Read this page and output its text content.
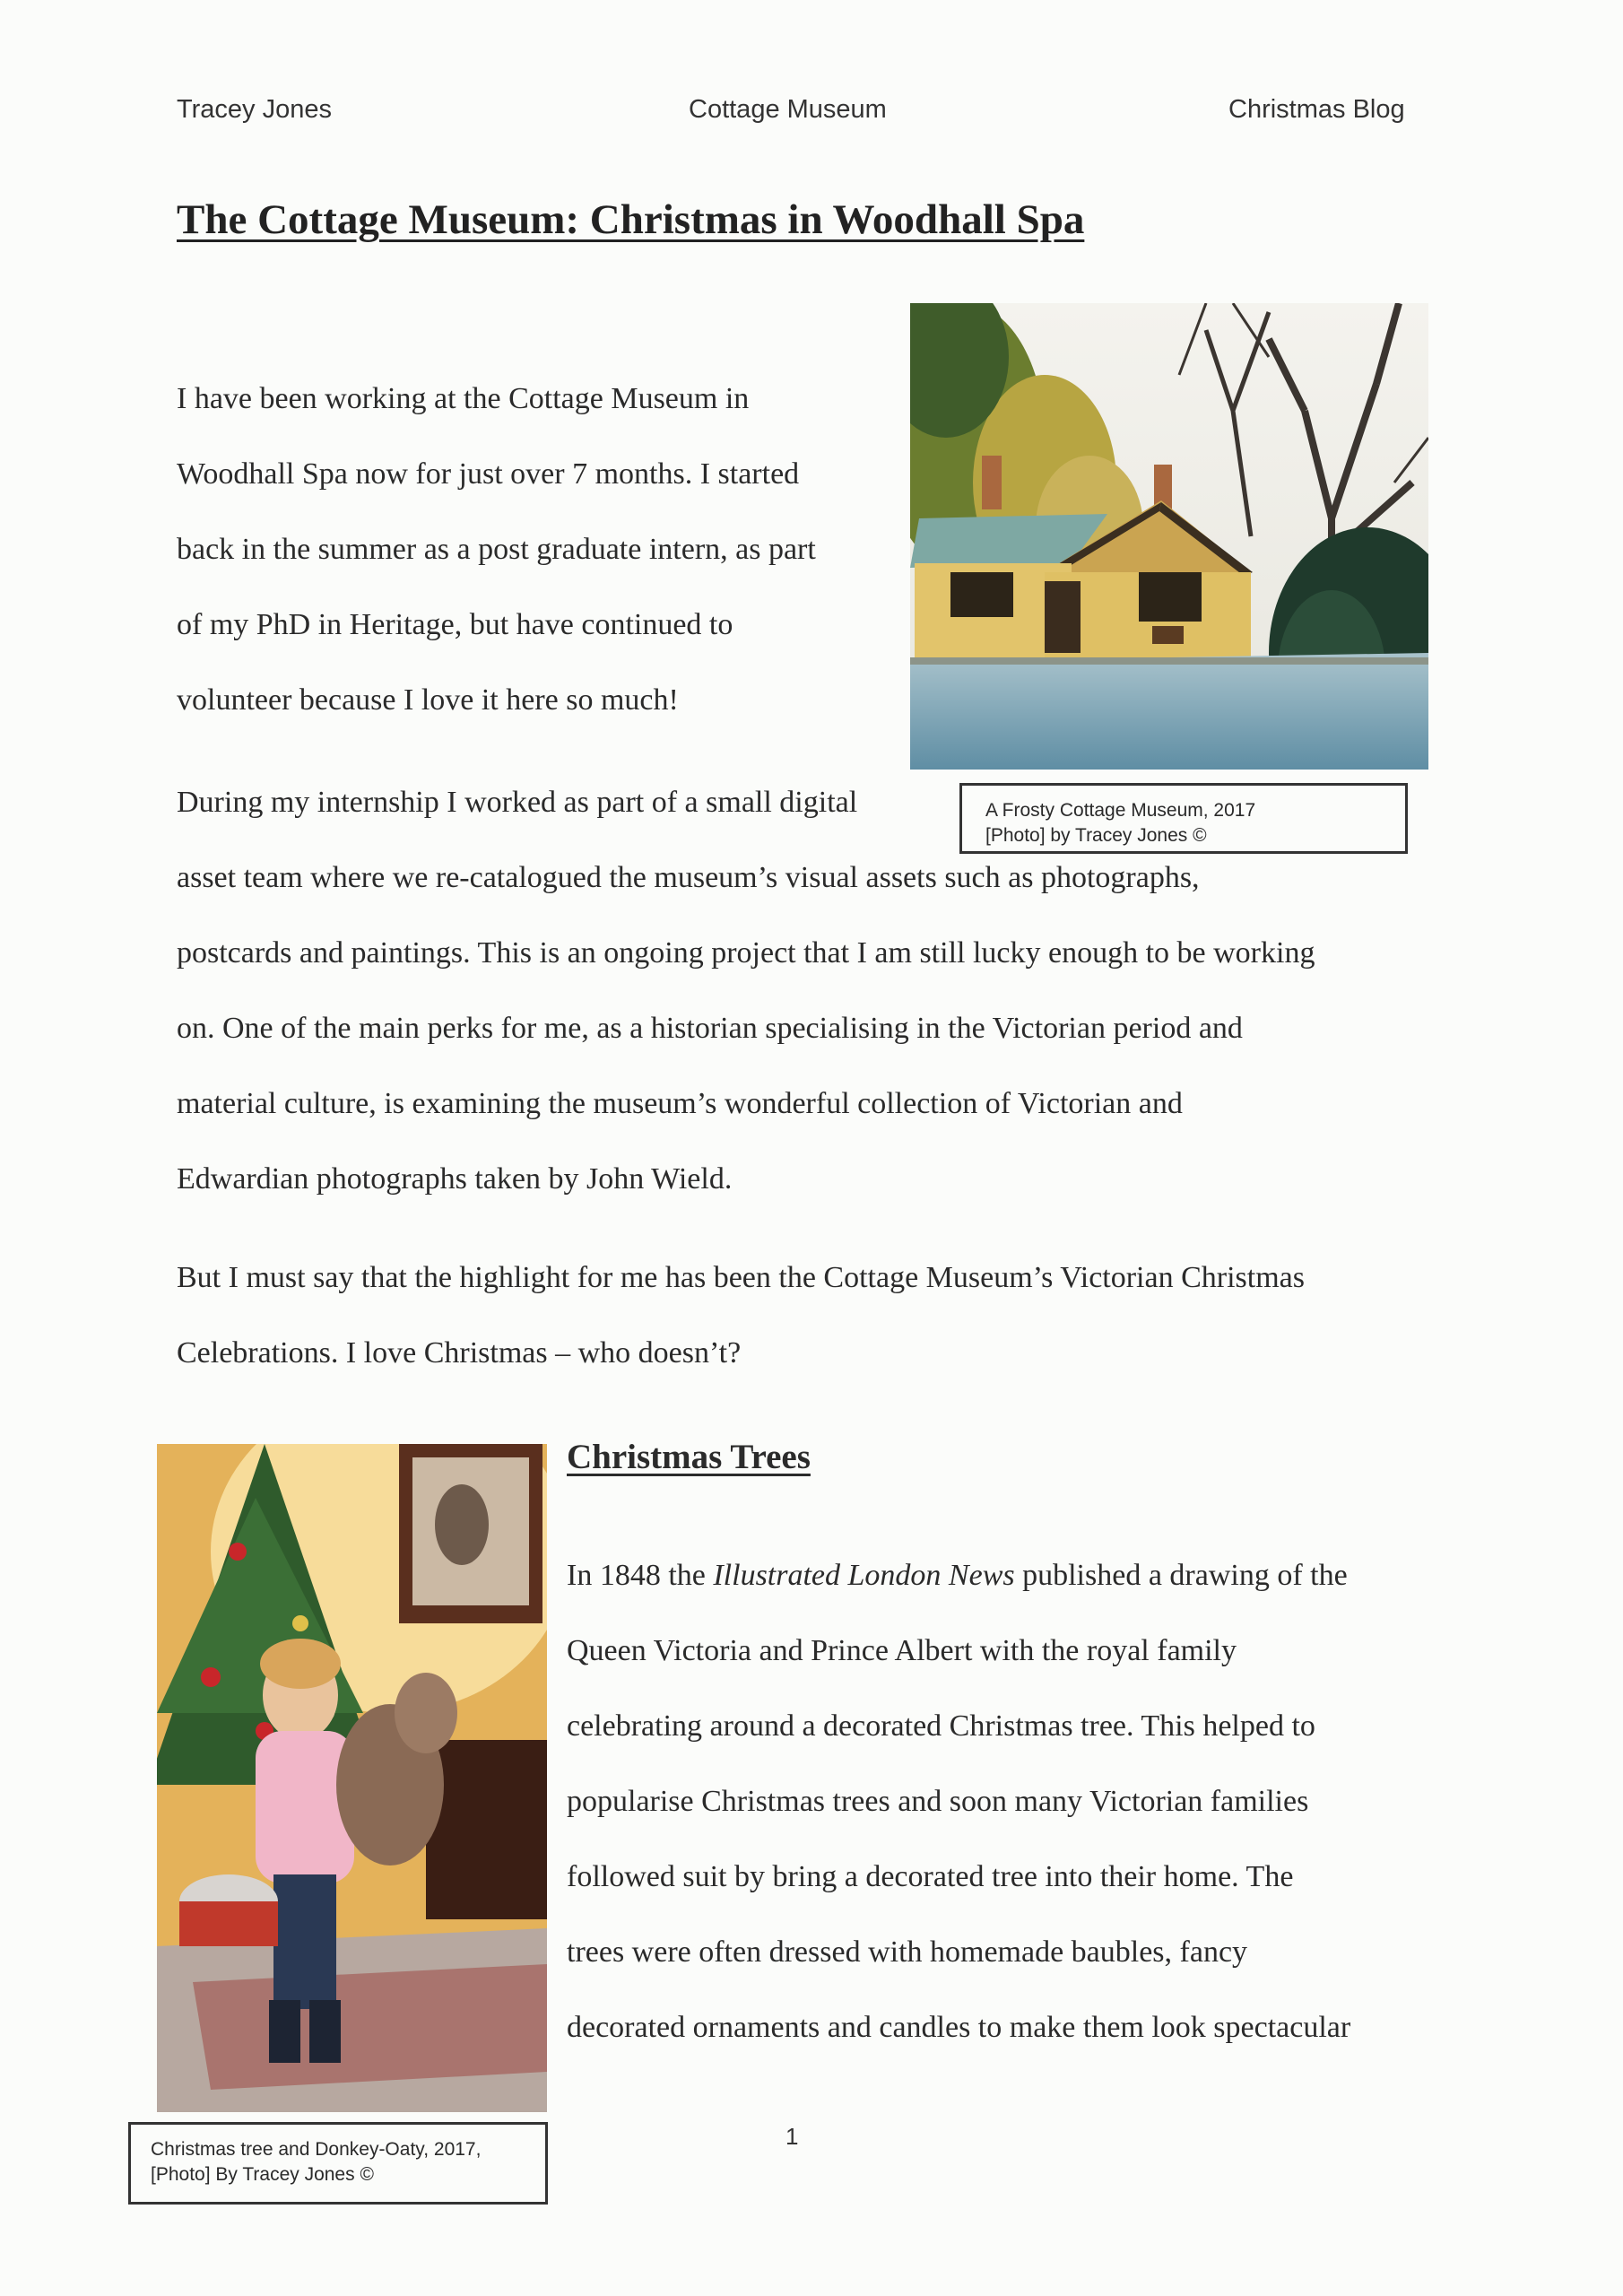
Tracey Jones	Cottage Museum	Christmas Blog
The Cottage Museum: Christmas in Woodhall Spa
I have been working at the Cottage Museum in
Woodhall Spa now for just over 7 months. I started
back in the summer as a post graduate intern, as part
of my PhD in Heritage, but have continued to
volunteer because I love it here so much!
A Frosty Cottage Museum, 2017
[Photo] by Tracey Jones ©
During my internship I worked as part of a small digital
asset team where we re-catalogued the museum’s visual assets such as photographs,
postcards and paintings. This is an ongoing project that I am still lucky enough to be working
on. One of the main perks for me, as a historian specialising in the Victorian period and
material culture, is examining the museum’s wonderful collection of Victorian and
Edwardian photographs taken by John Wield.
But I must say that the highlight for me has been the Cottage Museum’s Victorian Christmas
Celebrations. I love Christmas – who doesn’t?
Christmas tree and Donkey-Oaty, 2017,
[Photo] By Tracey Jones ©
Christmas Trees
In 1848 the Illustrated London News published a drawing of the
Queen Victoria and Prince Albert with the royal family
celebrating around a decorated Christmas tree. This helped to
popularise Christmas trees and soon many Victorian families
followed suit by bring a decorated tree into their home. The
trees were often dressed with homemade baubles, fancy
decorated ornaments and candles to make them look spectacular
1
